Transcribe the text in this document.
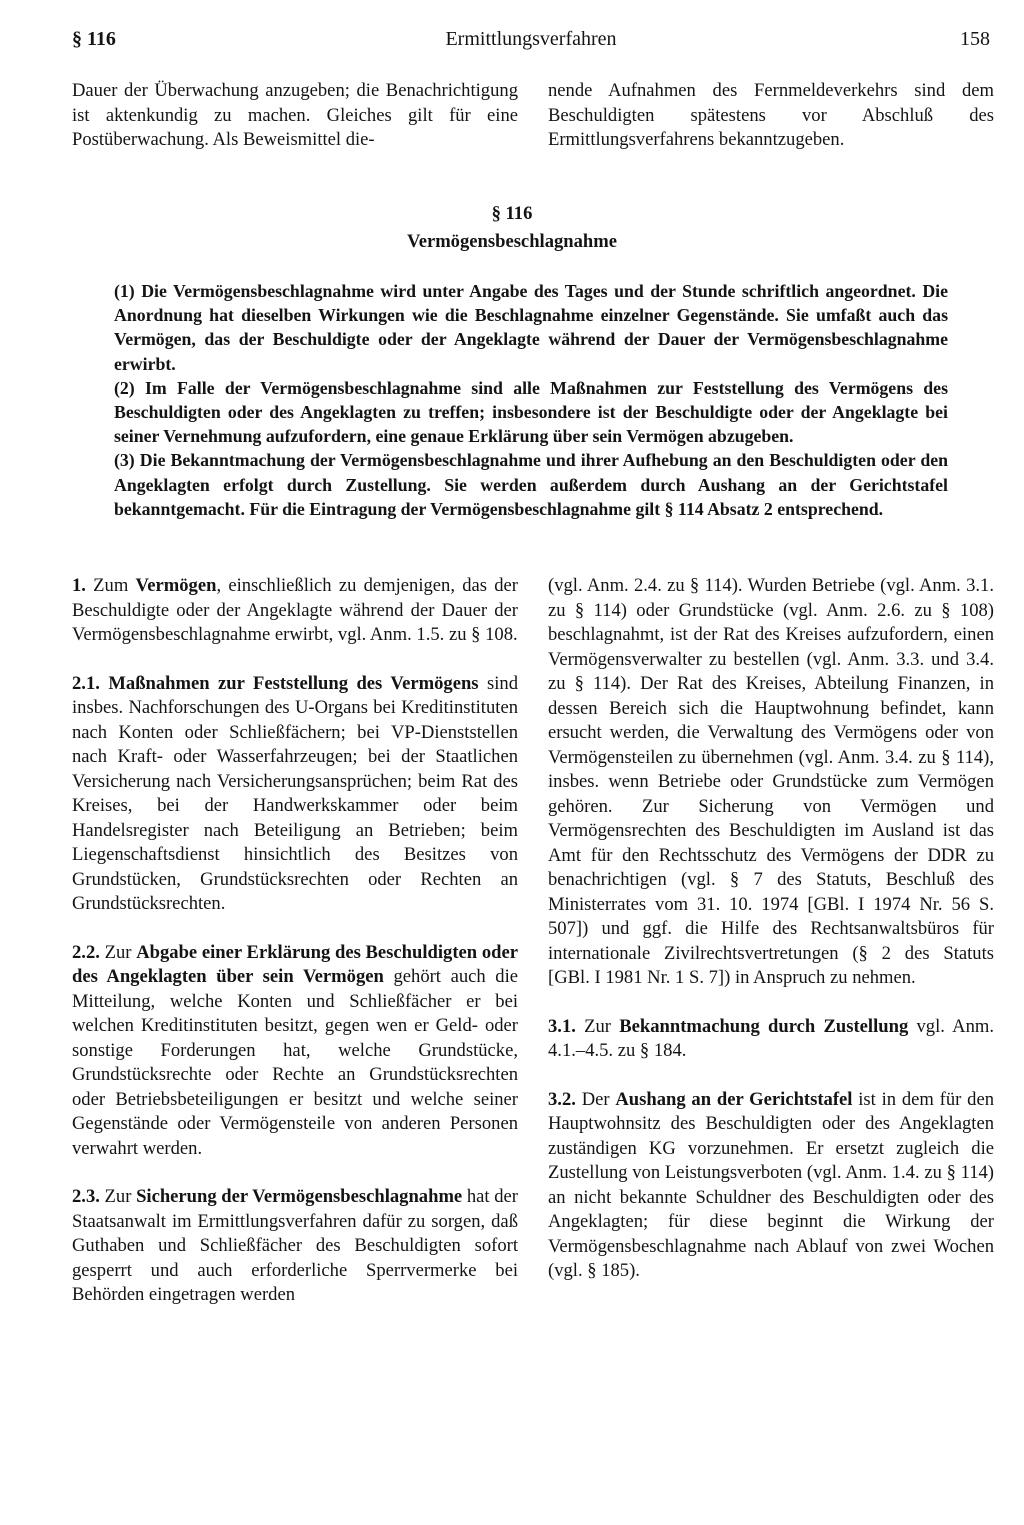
§ 116	Ermittlungsverfahren	158

Dauer der Überwachung anzugeben; die Benachrichtigung ist aktenkundig zu machen. Gleiches gilt für eine Postüberwachung. Als Beweismittel die-

nende Aufnahmen des Fernmeldeverkehrs sind dem Beschuldigten spätestens vor Abschluß des Ermittlungsverfahrens bekanntzugeben.

§ 116
Vermögensbeschlagnahme

(1) Die Vermögensbeschlagnahme wird unter Angabe des Tages und der Stunde schriftlich angeordnet. Die Anordnung hat dieselben Wirkungen wie die Beschlagnahme einzelner Gegenstände. Sie umfaßt auch das Vermögen, das der Beschuldigte oder der Angeklagte während der Dauer der Vermögensbeschlagnahme erwirbt.

(2) Im Falle der Vermögensbeschlagnahme sind alle Maßnahmen zur Feststellung des Vermögens des Beschuldigten oder des Angeklagten zu treffen; insbesondere ist der Beschuldigte oder der Angeklagte bei seiner Vernehmung aufzufordern, eine genaue Erklärung über sein Vermögen abzugeben.

(3) Die Bekanntmachung der Vermögensbeschlagnahme und ihrer Aufhebung an den Beschuldigten oder den Angeklagten erfolgt durch Zustellung. Sie werden außerdem durch Aushang an der Gerichtstafel bekanntgemacht. Für die Eintragung der Vermögensbeschlagnahme gilt § 114 Absatz 2 entsprechend.

1. Zum Vermögen, einschließlich zu demjenigen, das der Beschuldigte oder der Angeklagte während der Dauer der Vermögensbeschlagnahme erwirbt, vgl. Anm. 1.5. zu § 108.

2.1. Maßnahmen zur Feststellung des Vermögens sind insbes. Nachforschungen des U-Organs bei Kreditinstituten nach Konten oder Schließfächern; bei VP-Dienststellen nach Kraft- oder Wasserfahrzeugen; bei der Staatlichen Versicherung nach Versicherungsansprüchen; beim Rat des Kreises, bei der Handwerkskammer oder beim Handelsregister nach Beteiligung an Betrieben; beim Liegenschaftsdienst hinsichtlich des Besitzes von Grundstücken, Grundstücksrechten oder Rechten an Grundstücksrechten.

2.2. Zur Abgabe einer Erklärung des Beschuldigten oder des Angeklagten über sein Vermögen gehört auch die Mitteilung, welche Konten und Schließfächer er bei welchen Kreditinstituten besitzt, gegen wen er Geld- oder sonstige Forderungen hat, welche Grundstücke, Grundstücksrechte oder Rechte an Grundstücksrechten oder Betriebsbeteiligungen er besitzt und welche seiner Gegenstände oder Vermögensteile von anderen Personen verwahrt werden.

2.3. Zur Sicherung der Vermögensbeschlagnahme hat der Staatsanwalt im Ermittlungsverfahren dafür zu sorgen, daß Guthaben und Schließfächer des Beschuldigten sofort gesperrt und auch erforderliche Sperrvermerke bei Behörden eingetragen werden

(vgl. Anm. 2.4. zu § 114). Wurden Betriebe (vgl. Anm. 3.1. zu § 114) oder Grundstücke (vgl. Anm. 2.6. zu § 108) beschlagnahmt, ist der Rat des Kreises aufzufordern, einen Vermögensverwalter zu bestellen (vgl. Anm. 3.3. und 3.4. zu § 114). Der Rat des Kreises, Abteilung Finanzen, in dessen Bereich sich die Hauptwohnung befindet, kann ersucht werden, die Verwaltung des Vermögens oder von Vermögensteilen zu übernehmen (vgl. Anm. 3.4. zu § 114), insbes. wenn Betriebe oder Grundstücke zum Vermögen gehören. Zur Sicherung von Vermögen und Vermögensrechten des Beschuldigten im Ausland ist das Amt für den Rechtsschutz des Vermögens der DDR zu benachrichtigen (vgl. § 7 des Statuts, Beschluß des Ministerrates vom 31. 10. 1974 [GBl. I 1974 Nr. 56 S. 507]) und ggf. die Hilfe des Rechtsanwaltsbüros für internationale Zivilrechtsvertretungen (§ 2 des Statuts [GBl. I 1981 Nr. 1 S. 7]) in Anspruch zu nehmen.

3.1. Zur Bekanntmachung durch Zustellung vgl. Anm. 4.1.–4.5. zu § 184.

3.2. Der Aushang an der Gerichtstafel ist in dem für den Hauptwohnsitz des Beschuldigten oder des Angeklagten zuständigen KG vorzunehmen. Er ersetzt zugleich die Zustellung von Leistungsverboten (vgl. Anm. 1.4. zu § 114) an nicht bekannte Schuldner des Beschuldigten oder des Angeklagten; für diese beginnt die Wirkung der Vermögensbeschlagnahme nach Ablauf von zwei Wochen (vgl. § 185).
